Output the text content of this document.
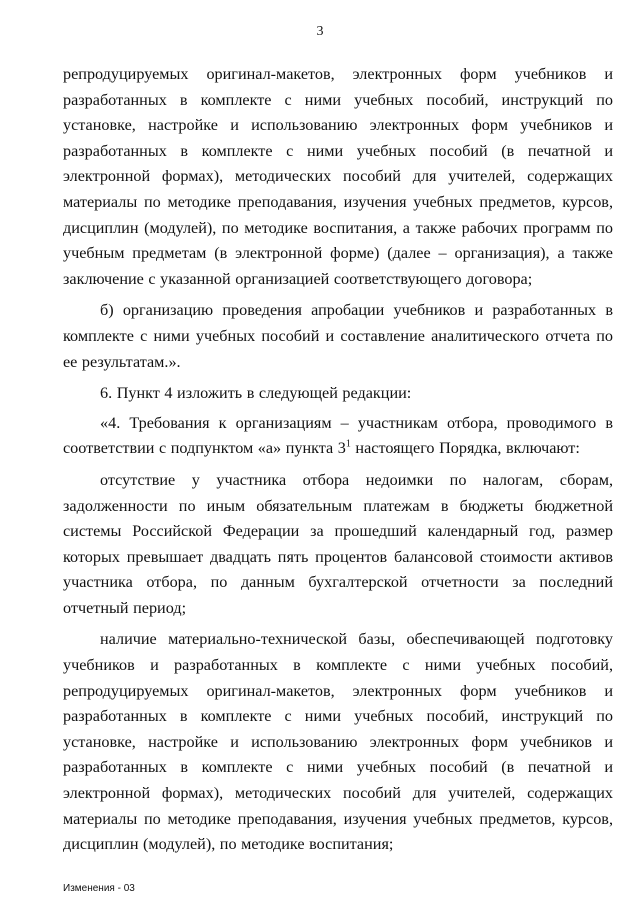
3

репродуцируемых оригинал-макетов, электронных форм учебников и разработанных в комплекте с ними учебных пособий, инструкций по установке, настройке и использованию электронных форм учебников и разработанных в комплекте с ними учебных пособий (в печатной и электронной формах), методических пособий для учителей, содержащих материалы по методике преподавания, изучения учебных предметов, курсов, дисциплин (модулей), по методике воспитания, а также рабочих программ по учебным предметам (в электронной форме) (далее – организация), а также заключение с указанной организацией соответствующего договора;

б) организацию проведения апробации учебников и разработанных в комплекте с ними учебных пособий и составление аналитического отчета по ее результатам.».

6. Пункт 4 изложить в следующей редакции:

«4. Требования к организациям – участникам отбора, проводимого в соответствии с подпунктом «а» пункта $3^1$ настоящего Порядка, включают:

отсутствие у участника отбора недоимки по налогам, сборам, задолженности по иным обязательным платежам в бюджеты бюджетной системы Российской Федерации за прошедший календарный год, размер которых превышает двадцать пять процентов балансовой стоимости активов участника отбора, по данным бухгалтерской отчетности за последний отчетный период;

наличие материально-технической базы, обеспечивающей подготовку учебников и разработанных в комплекте с ними учебных пособий, репродуцируемых оригинал-макетов, электронных форм учебников и разработанных в комплекте с ними учебных пособий, инструкций по установке, настройке и использованию электронных форм учебников и разработанных в комплекте с ними учебных пособий (в печатной и электронной формах), методических пособий для учителей, содержащих материалы по методике преподавания, изучения учебных предметов, курсов, дисциплин (модулей), по методике воспитания;

Изменения - 03
